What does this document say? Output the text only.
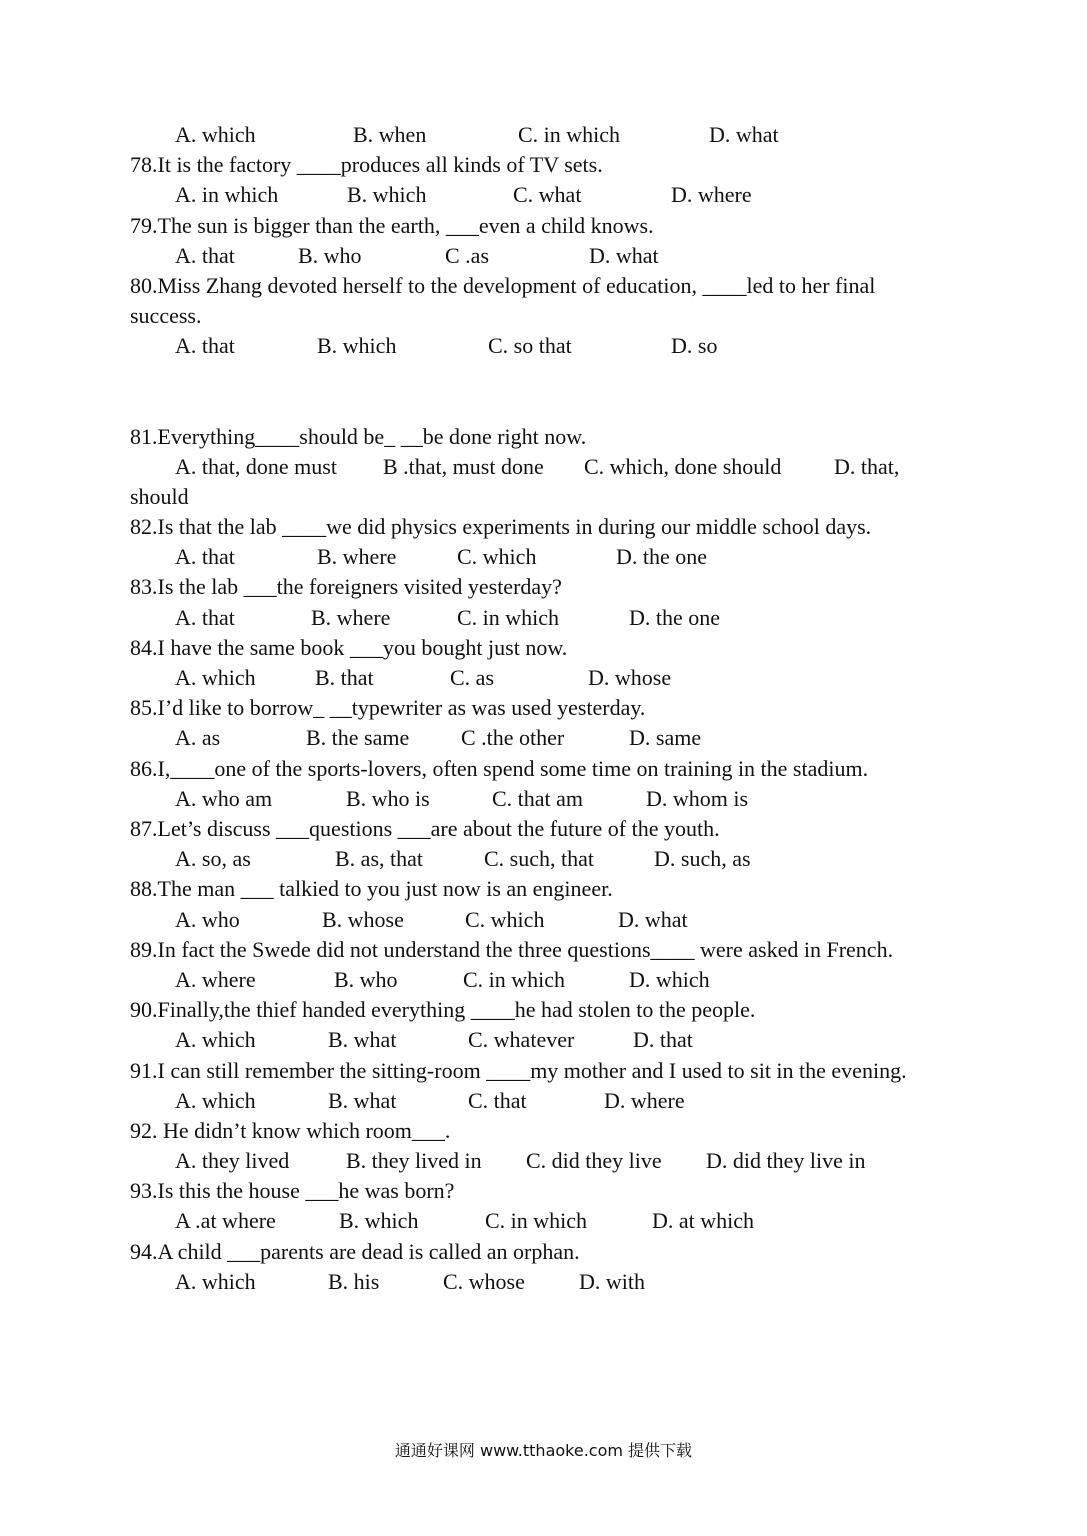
A. which	B. when	C. in which	D. what
78.It is the factory ____produces all kinds of TV sets.
A. in which	B. which	C. what	D. where
79.The sun is bigger than the earth, ___even a child knows.
A. that	B. who	C .as	D. what
80.Miss Zhang devoted herself to the development of education, ____led to her final success.
A. that	B. which	C. so that	D. so
81.Everything____should be_ __be done right now.
A. that, done must B .that, must done C. which, done should D. that,
should
82.Is that the lab ____we did physics experiments in during our middle school days.
A. that	B. where	C. which	D. the one
83.Is the lab ___the foreigners visited yesterday?
A. that	B. where	C. in which	D. the one
84.I have the same book ___you bought just now.
A. which	B. that	C. as	D. whose
85.I’d like to borrow_ __typewriter as was used yesterday.
A. as	B. the same C .the other	D. same
86.I,____one of the sports-lovers, often spend some time on training in the stadium.
A. who am	B. who is	C. that am	D. whom is
87.Let’s discuss ___questions ___are about the future of the youth.
A. so, as	B. as, that	C. such, that	D. such, as
88.The man ___ talkied to you just now is an engineer.
A. who	B. whose	C. which	D. what
89.In fact the Swede did not understand the three questions____ were asked in French.
A. where	B. who	C. in which	D. which
90.Finally,the thief handed everything ____he had stolen to the people.
A. which	B. what	C. whatever	D. that
91.I can still remember the sitting-room ____my mother and I used to sit in the evening.
A. which	B. what	C. that	D. where
92. He didn’t know which room___.
A. they lived	B. they lived in C. did they live D. did they live in
93.Is this the house ___he was born?
A .at where	B. which	C. in which	D. at which
94.A child ___parents are dead is called an orphan.
A. which	B. his	C. whose D. with
通通好课网 www.tthaoke.com 提供下载
